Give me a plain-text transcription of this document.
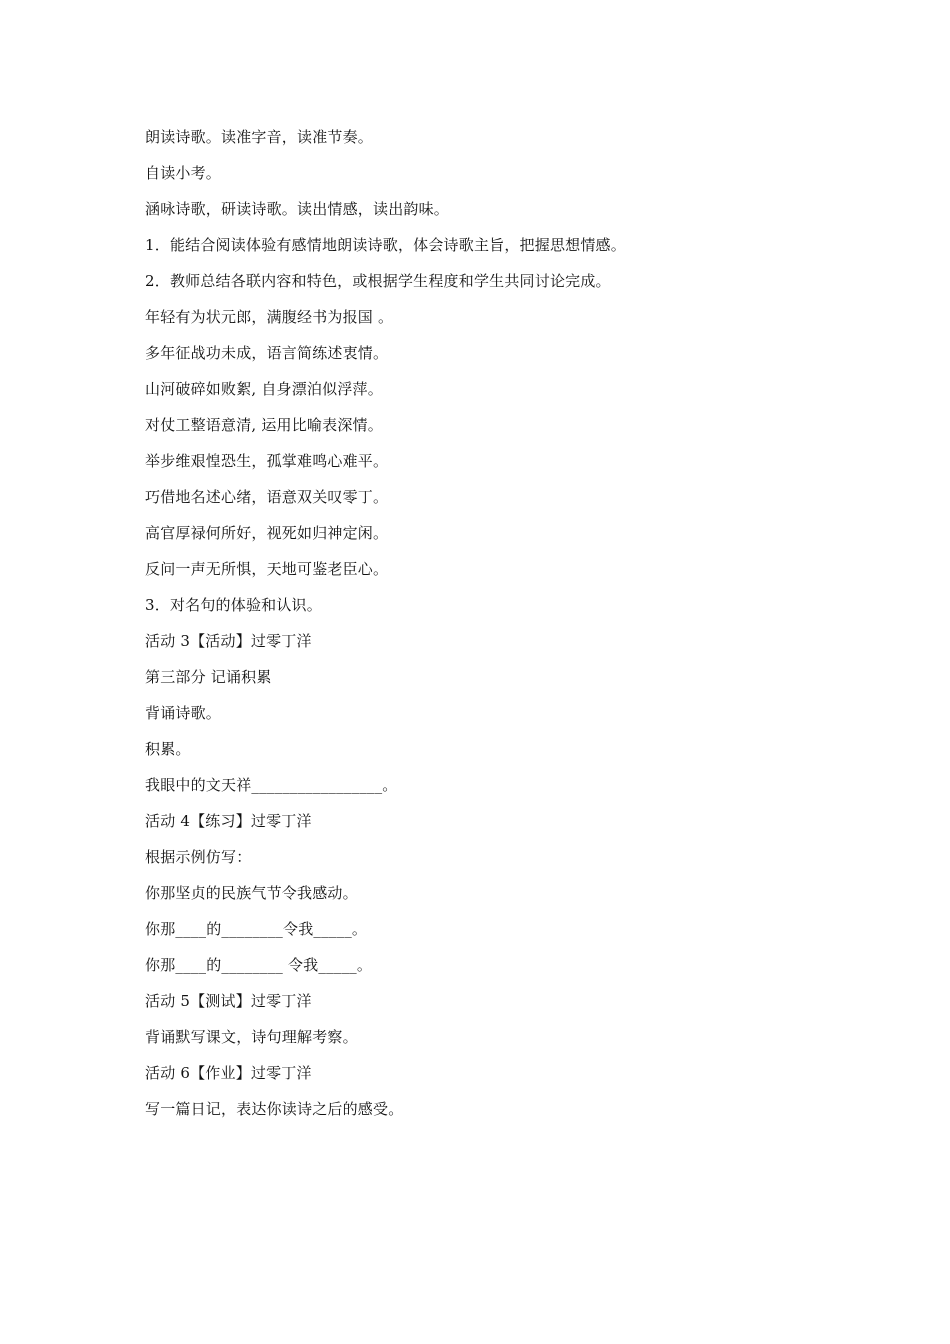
朗读诗歌。读准字音，读准节奏。
自读小考。
涵咏诗歌，研读诗歌。读出情感，读出韵味。
1．能结合阅读体验有感情地朗读诗歌，体会诗歌主旨，把握思想情感。
2．教师总结各联内容和特色，或根据学生程度和学生共同讨论完成。
年轻有为状元郎，满腹经书为报国 。
多年征战功未成，语言简练述衷情。
山河破碎如败絮, 自身漂泊似浮萍。
对仗工整语意清, 运用比喻表深情。
举步维艰惶恐生，孤掌难鸣心难平。
巧借地名述心绪，语意双关叹零丁。
高官厚禄何所好，视死如归神定闲。
反问一声无所惧，天地可鉴老臣心。
3．对名句的体验和认识。
活动 3【活动】过零丁洋
第三部分 记诵积累
背诵诗歌。
积累。
我眼中的文天祥_________________。
活动 4【练习】过零丁洋
根据示例仿写：
你那坚贞的民族气节令我感动。
你那____的________令我_____。
你那____的________ 令我_____。
活动 5【测试】过零丁洋
背诵默写课文，诗句理解考察。
活动 6【作业】过零丁洋
写一篇日记，表达你读诗之后的感受。
